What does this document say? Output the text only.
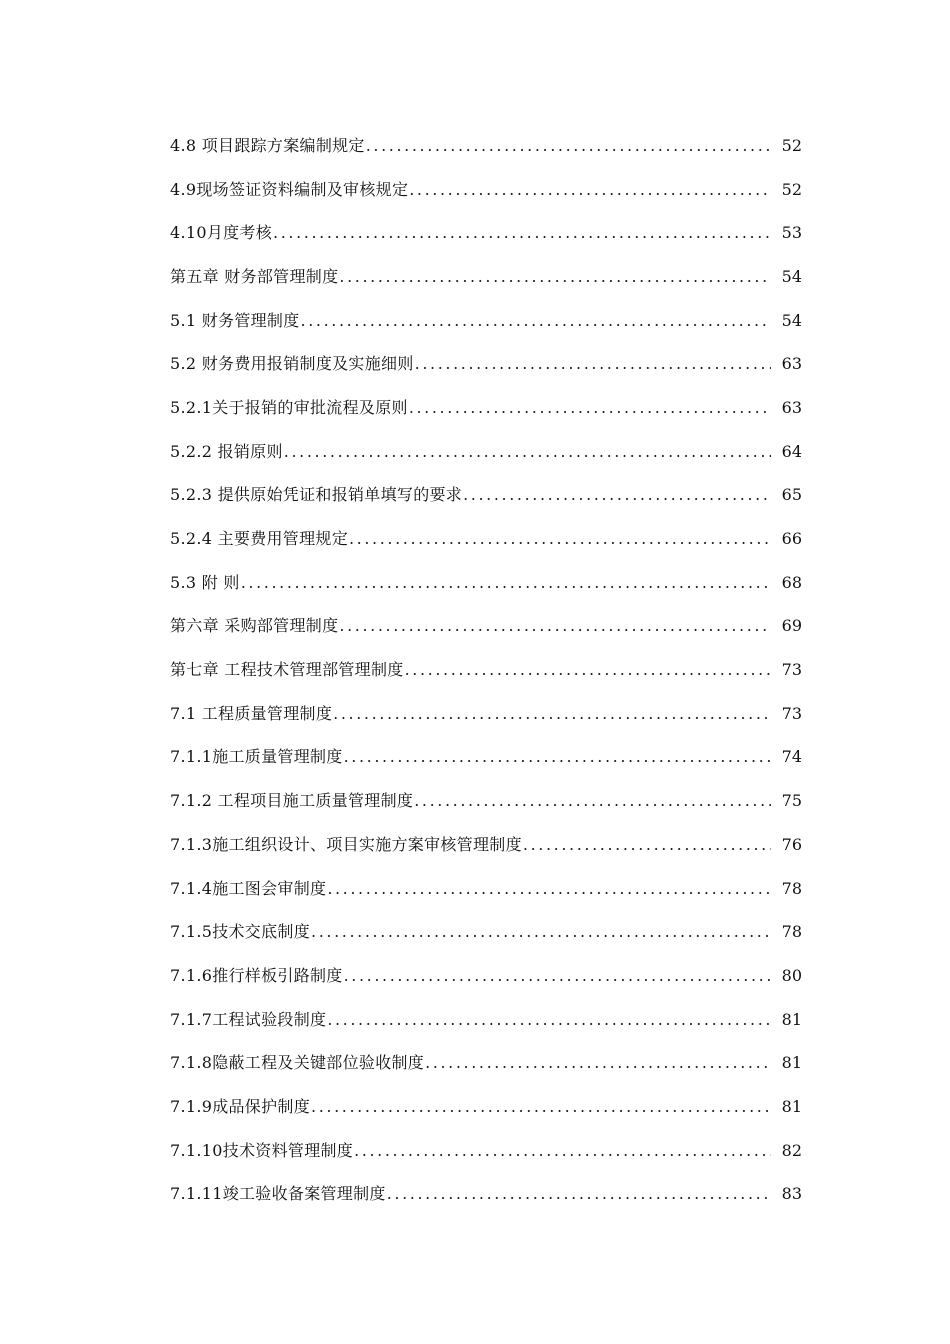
4.8 项目跟踪方案编制规定 .....	52
4.9现场签证资料编制及审核规定 .....	52
4.10月度考核 .....	53
第五章 财务部管理制度 .....	54
5.1 财务管理制度 .....	54
5.2 财务费用报销制度及实施细则 .....	63
5.2.1关于报销的审批流程及原则 .....	63
5.2.2 报销原则 .....	64
5.2.3 提供原始凭证和报销单填写的要求 .....	65
5.2.4 主要费用管理规定 .....	66
5.3 附 则 .....	68
第六章 采购部管理制度 .....	69
第七章 工程技术管理部管理制度 .....	73
7.1 工程质量管理制度 .....	73
7.1.1施工质量管理制度 .....	74
7.1.2 工程项目施工质量管理制度 .....	75
7.1.3施工组织设计、项目实施方案审核管理制度 .....	76
7.1.4施工图会审制度 .....	78
7.1.5技术交底制度 .....	78
7.1.6推行样板引路制度 .....	80
7.1.7工程试验段制度 .....	81
7.1.8隐蔽工程及关键部位验收制度 .....	81
7.1.9成品保护制度 .....	81
7.1.10技术资料管理制度 .....	82
7.1.11竣工验收备案管理制度 .....	83
